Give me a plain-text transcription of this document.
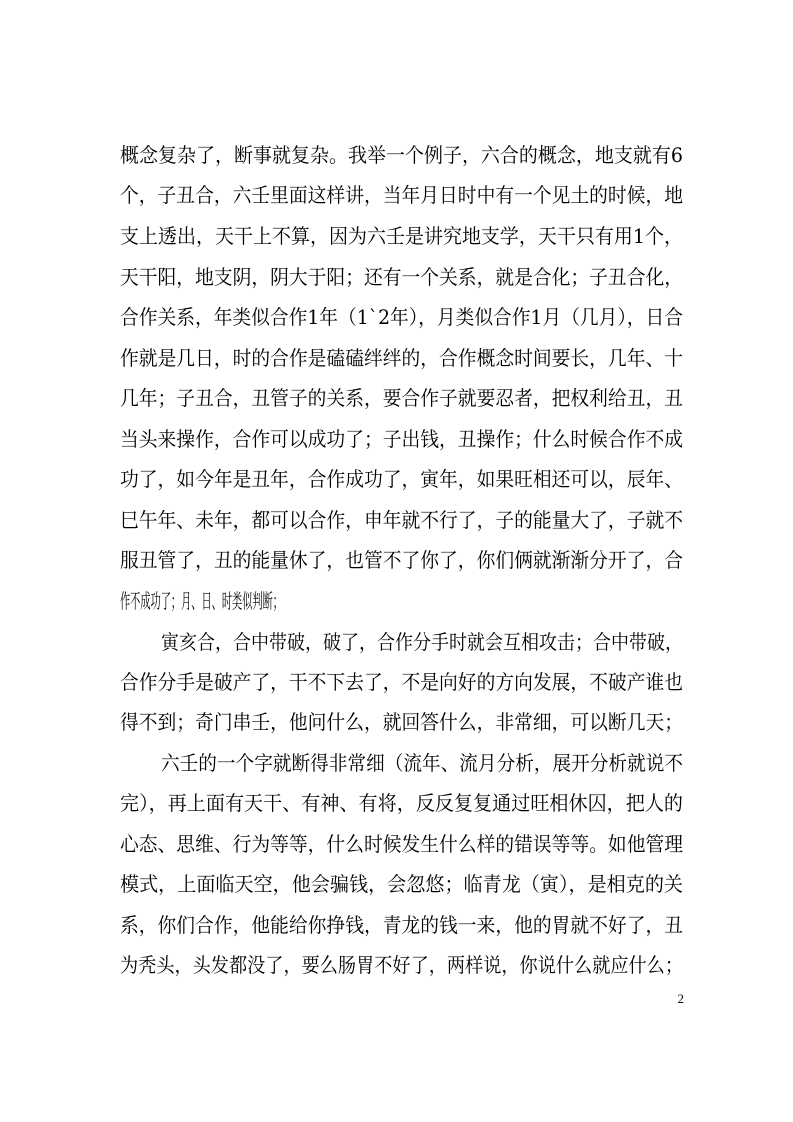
概念复杂了，断事就复杂。我举一个例子，六合的概念，地支就有6
个，子丑合，六壬里面这样讲，当年月日时中有一个见土的时候，地
支上透出，天干上不算，因为六壬是讲究地支学，天干只有用1个，
天干阳，地支阴，阴大于阳；还有一个关系，就是合化；子丑合化，
合作关系，年类似合作1年（1`2年），月类似合作1月（几月），日合
作就是几日，时的合作是磕磕绊绊的，合作概念时间要长，几年、十
几年；子丑合，丑管子的关系，要合作子就要忍者，把权利给丑，丑
当头来操作，合作可以成功了；子出钱，丑操作；什么时候合作不成
功了，如今年是丑年，合作成功了，寅年，如果旺相还可以，辰年、
巳午年、未年，都可以合作，申年就不行了，子的能量大了，子就不
服丑管了，丑的能量休了，也管不了你了，你们俩就渐渐分开了，合
作不成功了；月、日、时类似判断；
寅亥合，合中带破，破了，合作分手时就会互相攻击；合中带破，
合作分手是破产了，干不下去了，不是向好的方向发展，不破产谁也
得不到；奇门串壬，他问什么，就回答什么，非常细，可以断几天；
六壬的一个字就断得非常细（流年、流月分析，展开分析就说不
完），再上面有天干、有神、有将，反反复复通过旺相休囚，把人的
心态、思维、行为等等，什么时候发生什么样的错误等等。如他管理
模式，上面临天空，他会骗钱，会忽悠；临青龙（寅），是相克的关
系，你们合作，他能给你挣钱，青龙的钱一来，他的胃就不好了，丑
为秃头，头发都没了，要么肠胃不好了，两样说，你说什么就应什么；
2
